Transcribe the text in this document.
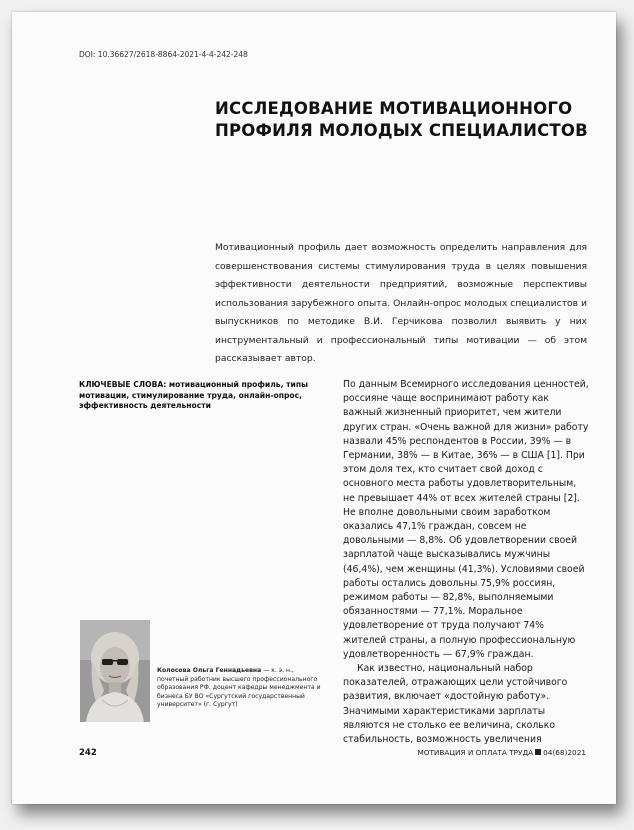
DOI: 10.36627/2618-8864-2021-4-4-242-248
ИССЛЕДОВАНИЕ МОТИВАЦИОННОГО
ПРОФИЛЯ МОЛОДЫХ СПЕЦИАЛИСТОВ
Мотивационный профиль дает возможность определить направления для совершенствования системы стимулирования труда в целях повышения эффективности деятельности предприятий, возможные перспективы использования зарубежного опыта. Онлайн-опрос молодых специалистов и выпускников по методике В.И. Герчикова позволил выявить у них инструментальный и профессиональный типы мотивации — об этом рассказывает автор.
КЛЮЧЕВЫЕ СЛОВА: мотивационный профиль, типы мотивации, стимулирование труда, онлайн-опрос, эффективность деятельности

По данным Всемирного исследования ценностей, россияне чаще воспринимают работу как важный жизненный приоритет, чем жители других стран. «Очень важной для жизни» работу назвали 45% респондентов в России, 39% — в Германии, 38% — в Китае, 36% — в США [1]. При этом доля тех, кто считает свой доход с основного места работы удовлетворительным, не превышает 44% от всех жителей страны [2]. Не вполне довольными своим заработком оказались 47,1% граждан, совсем не довольными — 8,8%. Об удовлетворении своей зарплатой чаще высказывались мужчины (46,4%), чем женщины (41,3%). Условиями своей работы остались довольны 75,9% россиян, режимом работы — 82,8%, выполняемыми обязанностями — 77,1%. Моральное удовлетворение от труда получают 74% жителей страны, а полную профессиональную удовлетворенность — 67,9% граждан.

Как известно, национальный набор показателей, отражающих цели устойчивого развития, включает «достойную работу». Значимыми характеристиками зарплаты являются не столько ее величина, сколько стабильность, возможность увеличения

Колосова Ольга Геннадьевна — к. э. н., почетный работник высшего профессионального образования РФ, доцент кафедры менеджмента и бизнеса БУ ВО «Сургутский государственный университет» (г. Сургут)
242	МОТИВАЦИЯ И ОПЛАТА ТРУДА 04(68)2021
